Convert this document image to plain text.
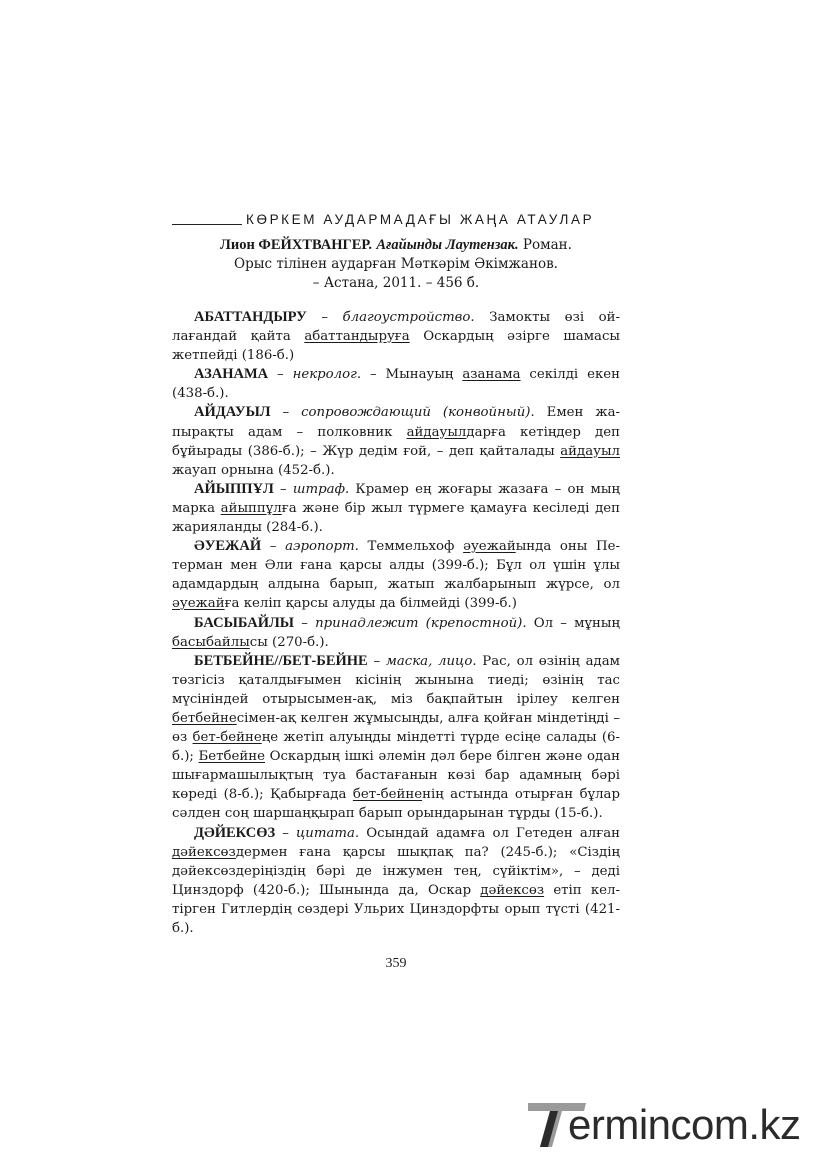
КӨРКЕМ АУДАРМАДАҒЫ ЖАҢА АТАУЛАР
Лион ФЕЙХТВАНГЕР. Ағайынды Лаутензак. Роман.
Орыс тілінен аударған Мәткәрім Әкімжанов.
– Астана, 2011. – 456 б.

АБАТТАНДЫРУ – благоустройство. Замокты өзі ойлағандай қайта абаттандыруға Оскардың әзірге шамасы жетпейді (186-б.)

АЗАНАМА – некролог. – Мынауың азанама секілді екен (438-б.).

АЙДАУЫЛ – сопровождающий (конвойный). Емен жапырақты адам – полковник айдауылдарға кетіңдер деп бұйырады (386-б.); – Жүр дедім ғой, – деп қайталады айдауыл жауап орнына (452-б.).

АЙЫППҰЛ – штраф. Крамер ең жоғары жазаға – он мың марка айыппұлға және бір жыл түрмеге қамауға кесіледі деп жарияланды (284-б.).

ӘУЕЖАЙ – аэропорт. Теммельхоф әуежайында оны Петерман мен Әли ғана қарсы алды (399-б.); Бұл ол үшін ұлы адамдардың алдына барып, жатып жалбарынып жүрсе, ол әуежайға келіп қарсы алуды да білмейді (399-б.)

БАСЫБАЙЛЫ – принадлежит (крепостной). Ол – мұның басыбайлысы (270-б.).

БЕТБЕЙНЕ//БЕТ-БЕЙНЕ – маска, лицо. Рас, ол өзінің адам төзгісіз қаталдығымен кісінің жынына тиеді; өзінің тас мүсініндей отырысымен-ақ, міз бақпайтын ірілеу келген бетбейнесімен-ақ келген жұмысыңды, алға қойған міндетіңді – өз бет-бейнеңе жетіп алуыңды міндетті түрде есіңе салады (6-б.); Бетбейне Оскардың ішкі әлемін дәл бере білген және одан шығармашылықтың туа бастағанын көзі бар адамның бәрі көреді (8-б.); Қабырғада бет-бейненің астында отырған бұлар сәлден соң шаршаңқырап барып орындарынан тұрды (15-б.).

ДӘЙЕКСӨЗ – цитата. Осындай адамға ол Гетеден алған дәйексөздермен ғана қарсы шықпақ па? (245-б.); «Сіздің дәйексөздеріңіздің бәрі де інжумен тең, сүйіктім», – деді Цинздорф (420-б.); Шынында да, Оскар дәйексөз етіп келтірген Гитлердің сөздері Ульрих Цинздорфты орып түсті (421-б.).

359
ermincom.kz
